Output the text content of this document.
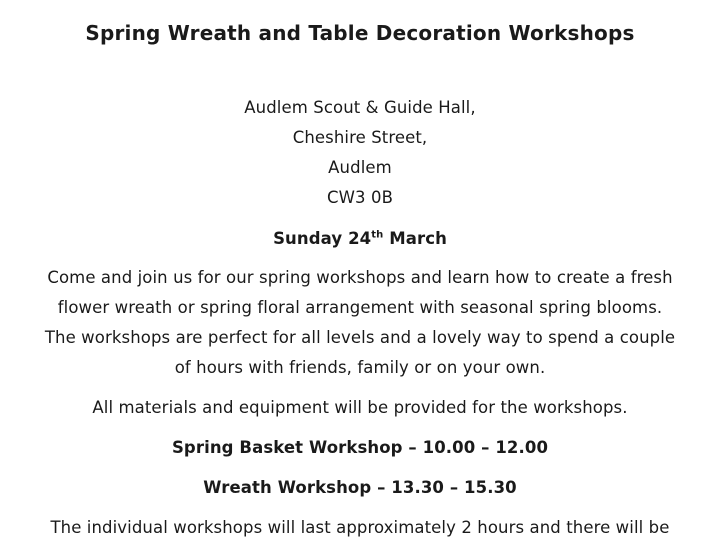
Spring Wreath and Table Decoration Workshops
Audlem Scout & Guide Hall,
Cheshire Street,
Audlem
CW3 0B
Sunday 24th March
Come and join us for our spring workshops and learn how to create a fresh
flower wreath or spring floral arrangement with seasonal spring blooms.
The workshops are perfect for all levels and a lovely way to spend a couple
of hours with friends, family or on your own.
All materials and equipment will be provided for the workshops.
Spring Basket Workshop – 10.00 – 12.00
Wreath Workshop – 13.30 – 15.30
The individual workshops will last approximately 2 hours and there will be
